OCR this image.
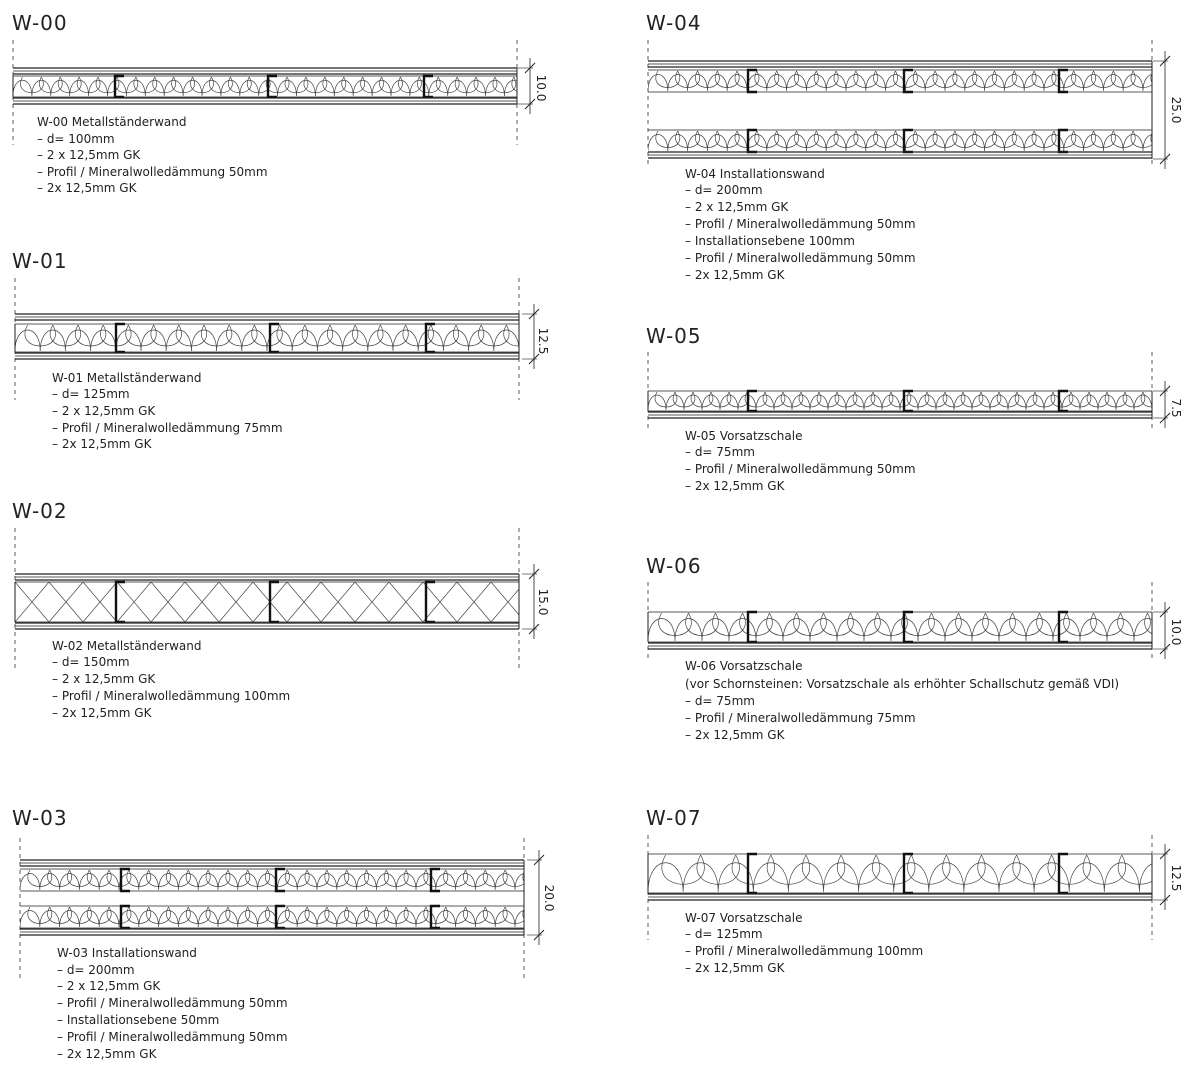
W-00
W-01
W-02
W-03
W-04
W-05
W-06
W-07
10.0
12.5
15.0
20.0
25.0
7.5
10.0
12.5
W-00 Metallständerwand
– d= 100mm
– 2 x 12,5mm GK
– Profil / Mineralwolledämmung 50mm
– 2x 12,5mm GK
W-01 Metallständerwand
– d= 125mm
– 2 x 12,5mm GK
– Profil / Mineralwolledämmung 75mm
– 2x 12,5mm GK
W-02 Metallständerwand
– d= 150mm
– 2 x 12,5mm GK
– Profil / Mineralwolledämmung 100mm
– 2x 12,5mm GK
W-03 Installationswand
– d= 200mm
– 2 x 12,5mm GK
– Profil / Mineralwolledämmung 50mm
– Installationsebene 50mm
– Profil / Mineralwolledämmung 50mm
– 2x 12,5mm GK
W-04 Installationswand
– d= 200mm
– 2 x 12,5mm GK
– Profil / Mineralwolledämmung 50mm
– Installationsebene 100mm
– Profil / Mineralwolledämmung 50mm
– 2x 12,5mm GK
W-05 Vorsatzschale
– d= 75mm
– Profil / Mineralwolledämmung 50mm
– 2x 12,5mm GK
W-06 Vorsatzschale
(vor Schornsteinen: Vorsatzschale als erhöhter Schallschutz gemäß VDI)
– d= 75mm
– Profil / Mineralwolledämmung 75mm
– 2x 12,5mm GK
W-07 Vorsatzschale
– d= 125mm
– Profil / Mineralwolledämmung 100mm
– 2x 12,5mm GK
